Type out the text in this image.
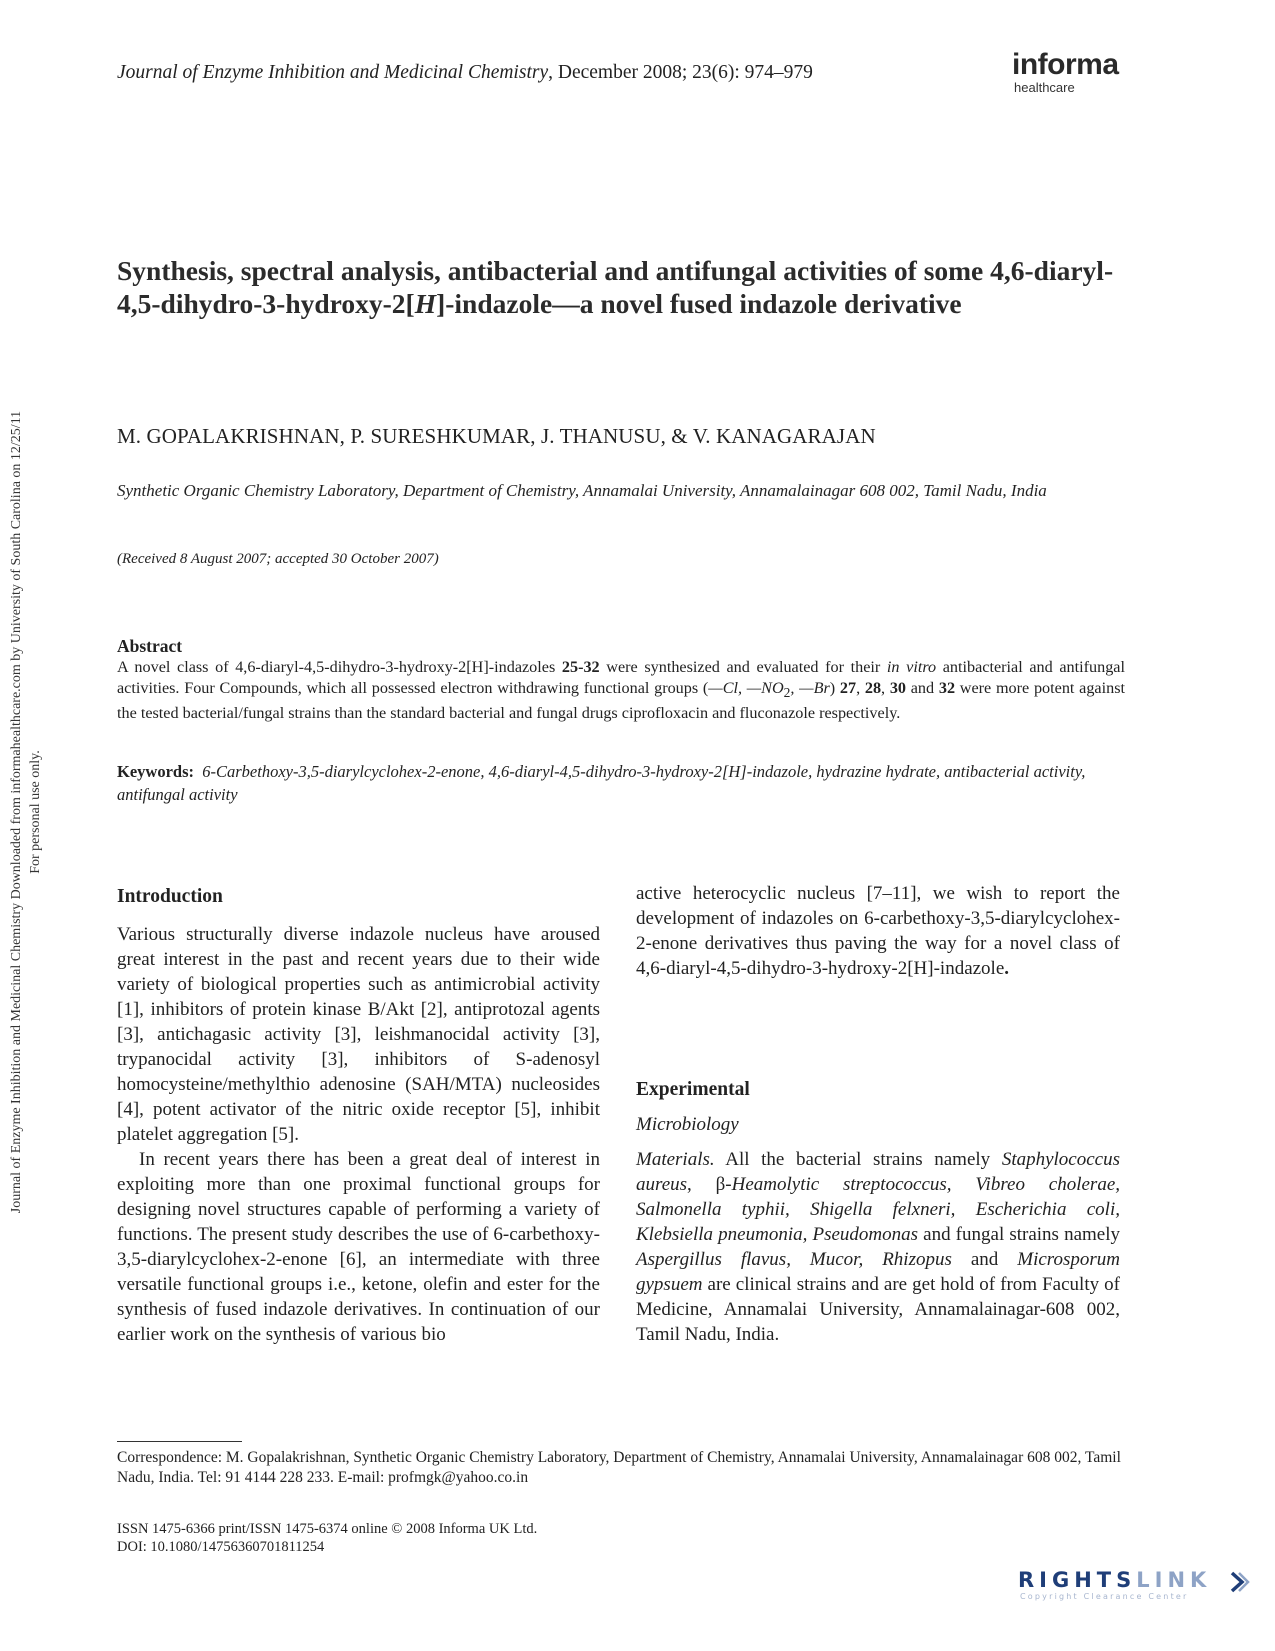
Journal of Enzyme Inhibition and Medicinal Chemistry, December 2008; 23(6): 974–979	informa
healthcare
Journal of Enzyme Inhibition and Medicinal Chemistry Downloaded from informahealthcare.com by University of South Carolina on 12/25/11 For personal use only.
Synthesis, spectral analysis, antibacterial and antifungal activities of some 4,6-diaryl-4,5-dihydro-3-hydroxy-2[H]-indazole—a novel fused indazole derivative
M. GOPALAKRISHNAN, P. SURESHKUMAR, J. THANUSU, & V. KANAGARAJAN
Synthetic Organic Chemistry Laboratory, Department of Chemistry, Annamalai University, Annamalainagar 608 002, Tamil Nadu, India
(Received 8 August 2007; accepted 30 October 2007)
Abstract
A novel class of 4,6-diaryl-4,5-dihydro-3-hydroxy-2[H]-indazoles 25-32 were synthesized and evaluated for their in vitro antibacterial and antifungal activities. Four Compounds, which all possessed electron withdrawing functional groups (—Cl, $—NO_2$, —Br) 27, 28, 30 and 32 were more potent against the tested bacterial/fungal strains than the standard bacterial and fungal drugs ciprofloxacin and fluconazole respectively.
Keywords: 6-Carbethoxy-3,5-diarylcyclohex-2-enone, 4,6-diaryl-4,5-dihydro-3-hydroxy-2[H]-indazole, hydrazine hydrate, antibacterial activity, antifungal activity
Introduction
Various structurally diverse indazole nucleus have aroused great interest in the past and recent years due to their wide variety of biological properties such as antimicrobial activity [1], inhibitors of protein kinase B/Akt [2], antiprotozal agents [3], antichagasic activity [3], leishmanocidal activity [3], trypanocidal activity [3], inhibitors of S-adenosyl homocysteine/methylthio adenosine (SAH/MTA) nucleosides [4], potent activator of the nitric oxide receptor [5], inhibit platelet aggregation [5].
In recent years there has been a great deal of interest in exploiting more than one proximal functional groups for designing novel structures capable of performing a variety of functions. The present study describes the use of 6-carbethoxy-3,5-diarylcyclohex-2-enone [6], an intermediate with three versatile functional groups i.e., ketone, olefin and ester for the synthesis of fused indazole derivatives. In continuation of our earlier work on the synthesis of various bio
active heterocyclic nucleus [7–11], we wish to report the development of indazoles on 6-carbethoxy-3,5-diarylcyclohex-2-enone derivatives thus paving the way for a novel class of 4,6-diaryl-4,5-dihydro-3-hydroxy-2[H]-indazole.
Experimental
Microbiology
Materials. All the bacterial strains namely Staphylococcus aureus, β-Heamolytic streptococcus, Vibreo cholerae, Salmonella typhii, Shigella felxneri, Escherichia coli, Klebsiella pneumonia, Pseudomonas and fungal strains namely Aspergillus flavus, Mucor, Rhizopus and Microsporum gypsuem are clinical strains and are get hold of from Faculty of Medicine, Annamalai University, Annamalainagar-608 002, Tamil Nadu, India.
Correspondence: M. Gopalakrishnan, Synthetic Organic Chemistry Laboratory, Department of Chemistry, Annamalai University, Annamalainagar 608 002, Tamil Nadu, India. Tel: 91 4144 228 233. E-mail: profmgk@yahoo.co.in
ISSN 1475-6366 print/ISSN 1475-6374 online © 2008 Informa UK Ltd.
DOI: 10.1080/14756360701811254
RIGHTSLINK
Copyright Clearance Center
